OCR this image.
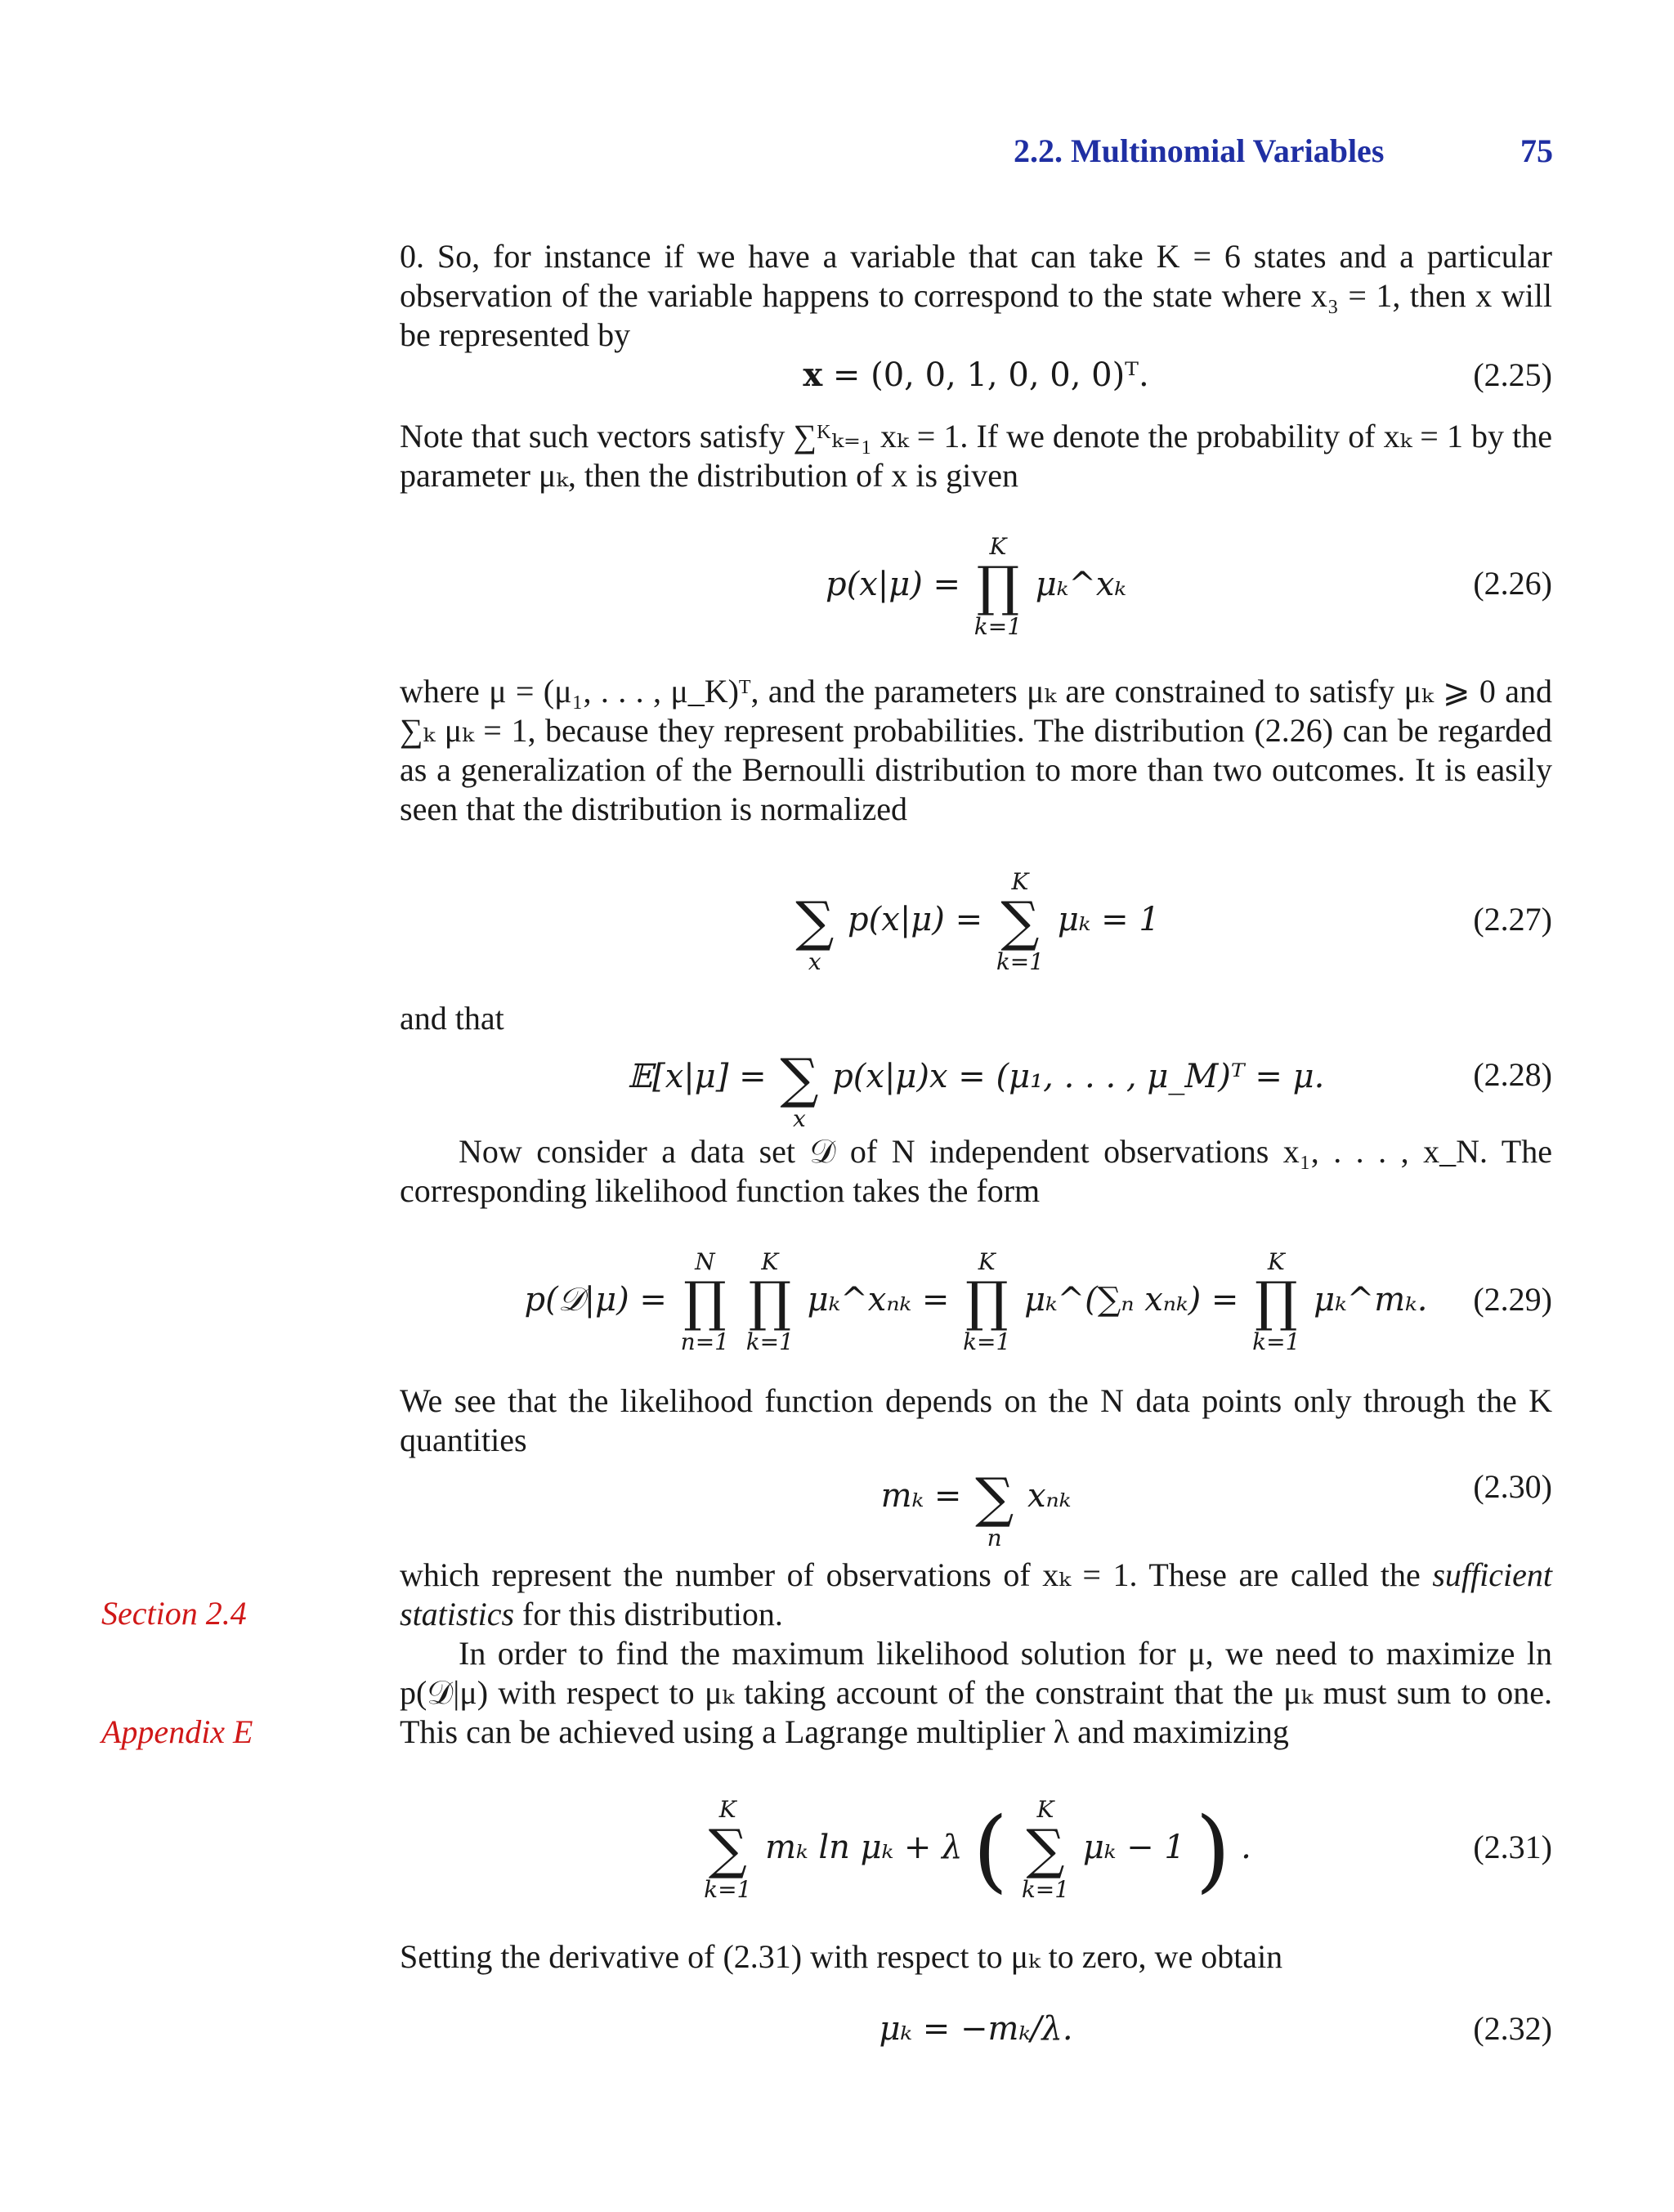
2.2. Multinomial Variables	75

0. So, for instance if we have a variable that can take K = 6 states and a particular observation of the variable happens to correspond to the state where x₃ = 1, then x will be represented by

x = (0, 0, 1, 0, 0, 0)ᵀ.	(2.25)

Note that such vectors satisfy ∑ᴷₖ₌₁ xₖ = 1. If we denote the probability of xₖ = 1 by the parameter μₖ, then the distribution of x is given

p(x|μ) =
K
∏
k=1
μₖ^xₖ	(2.26)

where μ = (μ₁, . . . , μ_K)ᵀ, and the parameters μₖ are constrained to satisfy μₖ ⩾ 0 and ∑ₖ μₖ = 1, because they represent probabilities. The distribution (2.26) can be regarded as a generalization of the Bernoulli distribution to more than two outcomes. It is easily seen that the distribution is normalized

∑
x
p(x|μ) =
K
∑
k=1
μₖ = 1	(2.27)

and that

𝔼[x|μ] =
∑
x
p(x|μ)x = (μ₁, . . . , μ_M)ᵀ = μ.	(2.28)

Now consider a data set 𝒟 of N independent observations x₁, . . . , x_N. The corresponding likelihood function takes the form

p(𝒟|μ) =
N
∏
n=1

K
∏
k=1
μₖ^xₙₖ =
K
∏
k=1
μₖ^(∑ₙ xₙₖ) =
K
∏
k=1
μₖ^mₖ.	(2.29)

We see that the likelihood function depends on the N data points only through the K quantities

mₖ =
∑
n
xₙₖ	(2.30)
Section 2.4
Appendix E

which represent the number of observations of xₖ = 1. These are called the sufficient statistics for this distribution.

In order to find the maximum likelihood solution for μ, we need to maximize ln p(𝒟|μ) with respect to μₖ taking account of the constraint that the μₖ must sum to one. This can be achieved using a Lagrange multiplier λ and maximizing

K
∑
k=1
mₖ ln μₖ + λ ( K
∑
k=1
μₖ − 1 ) .	(2.31)

Setting the derivative of (2.31) with respect to μₖ to zero, we obtain

μₖ = −mₖ/λ.	(2.32)
